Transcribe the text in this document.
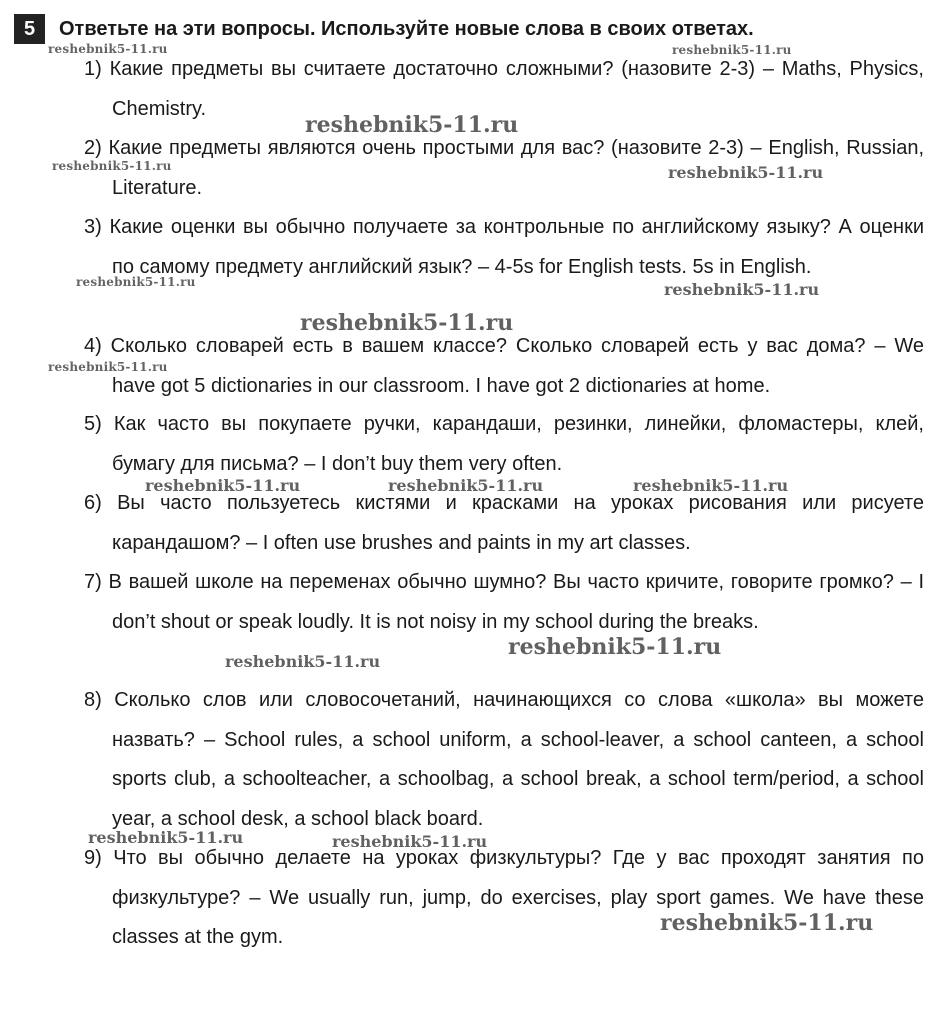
5	Ответьте на эти вопросы. Используйте новые слова в своих ответах.
1) Какие предметы вы считаете достаточно сложными? (назовите 2-3) – Maths, Physics, Chemistry.
2) Какие предметы являются очень простыми для вас? (назовите 2-3) – English, Russian, Literature.
3) Какие оценки вы обычно получаете за контрольные по английскому языку? А оценки по самому предмету английский язык? – 4-5s for English tests. 5s in English.
4) Сколько словарей есть в вашем классе? Сколько словарей есть у вас дома? – We have got 5 dictionaries in our classroom. I have got 2 dictionaries at home.
5) Как часто вы покупаете ручки, карандаши, резинки, линейки, фломастеры, клей, бумагу для письма? – I don’t buy them very often.
6) Вы часто пользуетесь кистями и красками на уроках рисования или рисуете карандашом? – I often use brushes and paints in my art classes.
7) В вашей школе на переменах обычно шумно? Вы часто кричите, говорите громко? – I don’t shout or speak loudly. It is not noisy in my school during the breaks.
8) Сколько слов или словосочетаний, начинающихся со слова «школа» вы можете назвать? – School rules, a school uniform, a school-leaver, a school canteen, a school sports club, a schoolteacher, a schoolbag, a school break, a school term/period, a school year, a school desk, a school black board.
9) Что вы обычно делаете на уроках физкультуры? Где у вас проходят занятия по физкультуре? – We usually run, jump, do exercises, play sport games. We have these classes at the gym.
reshebnik5-11.ru	reshebnik5-11.ru
reshebnik5-11.ru
reshebnik5-11.ru	reshebnik5-11.ru
reshebnik5-11.ru	reshebnik5-11.ru
reshebnik5-11.ru
reshebnik5-11.ru
reshebnik5-11.ru	reshebnik5-11.ru	reshebnik5-11.ru
reshebnik5-11.ru
reshebnik5-11.ru
reshebnik5-11.ru	reshebnik5-11.ru
reshebnik5-11.ru
